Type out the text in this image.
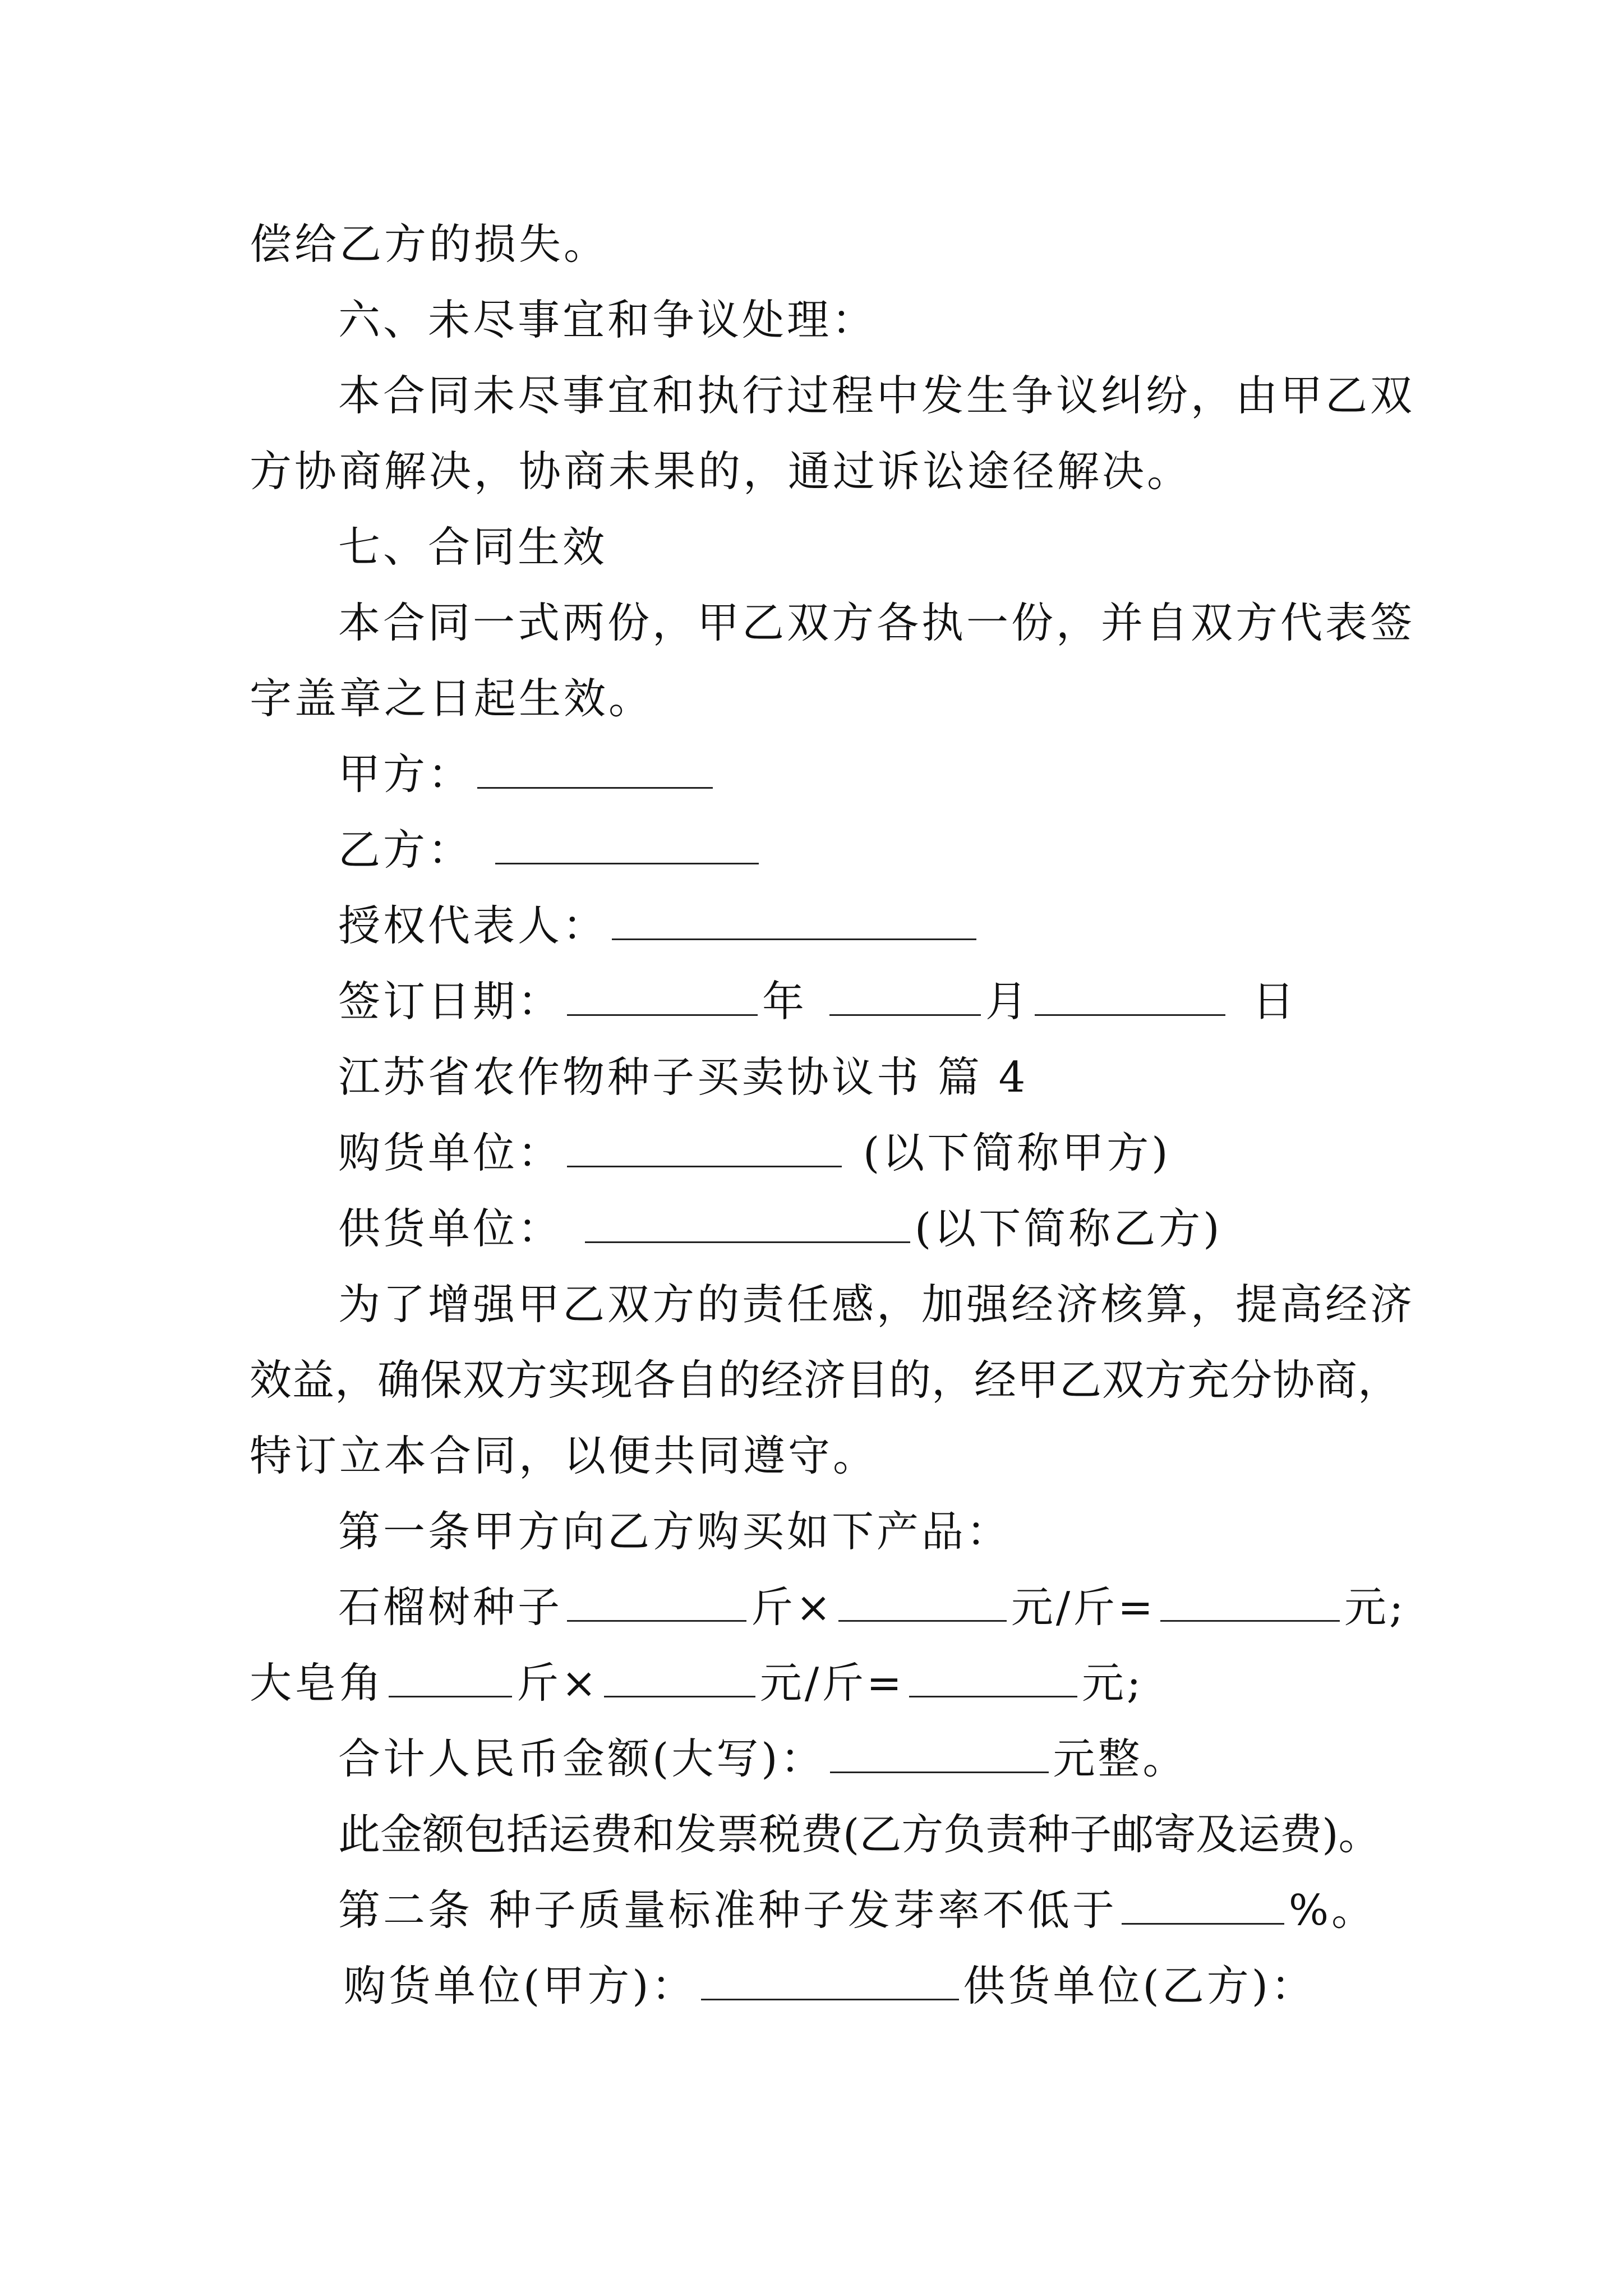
偿给乙方的损失。
六、未尽事宜和争议处理：
本合同未尽事宜和执行过程中发生争议纠纷，由甲乙双
方协商解决，协商未果的，通过诉讼途径解决。
七、合同生效
本合同一式两份，甲乙双方各执一份，并自双方代表签
字盖章之日起生效。
甲方：
乙方：
授权代表人：
签订日期：	年	月	日
江苏省农作物种子买卖协议书 篇 4
购货单位：	(以下简称甲方)
供货单位：	(以下简称乙方)
为了增强甲乙双方的责任感，加强经济核算，提高经济
效益，确保双方实现各自的经济目的，经甲乙双方充分协商，
特订立本合同，以便共同遵守。
第一条甲方向乙方购买如下产品：
石榴树种子	斤×	元/斤=	元;
大皂角	斤×	元/斤=	元;
合计人民币金额(大写)：	元整。
此金额包括运费和发票税费(乙方负责种子邮寄及运费)。
第二条 种子质量标准种子发芽率不低于	%。
购货单位(甲方)：	供货单位(乙方)：
